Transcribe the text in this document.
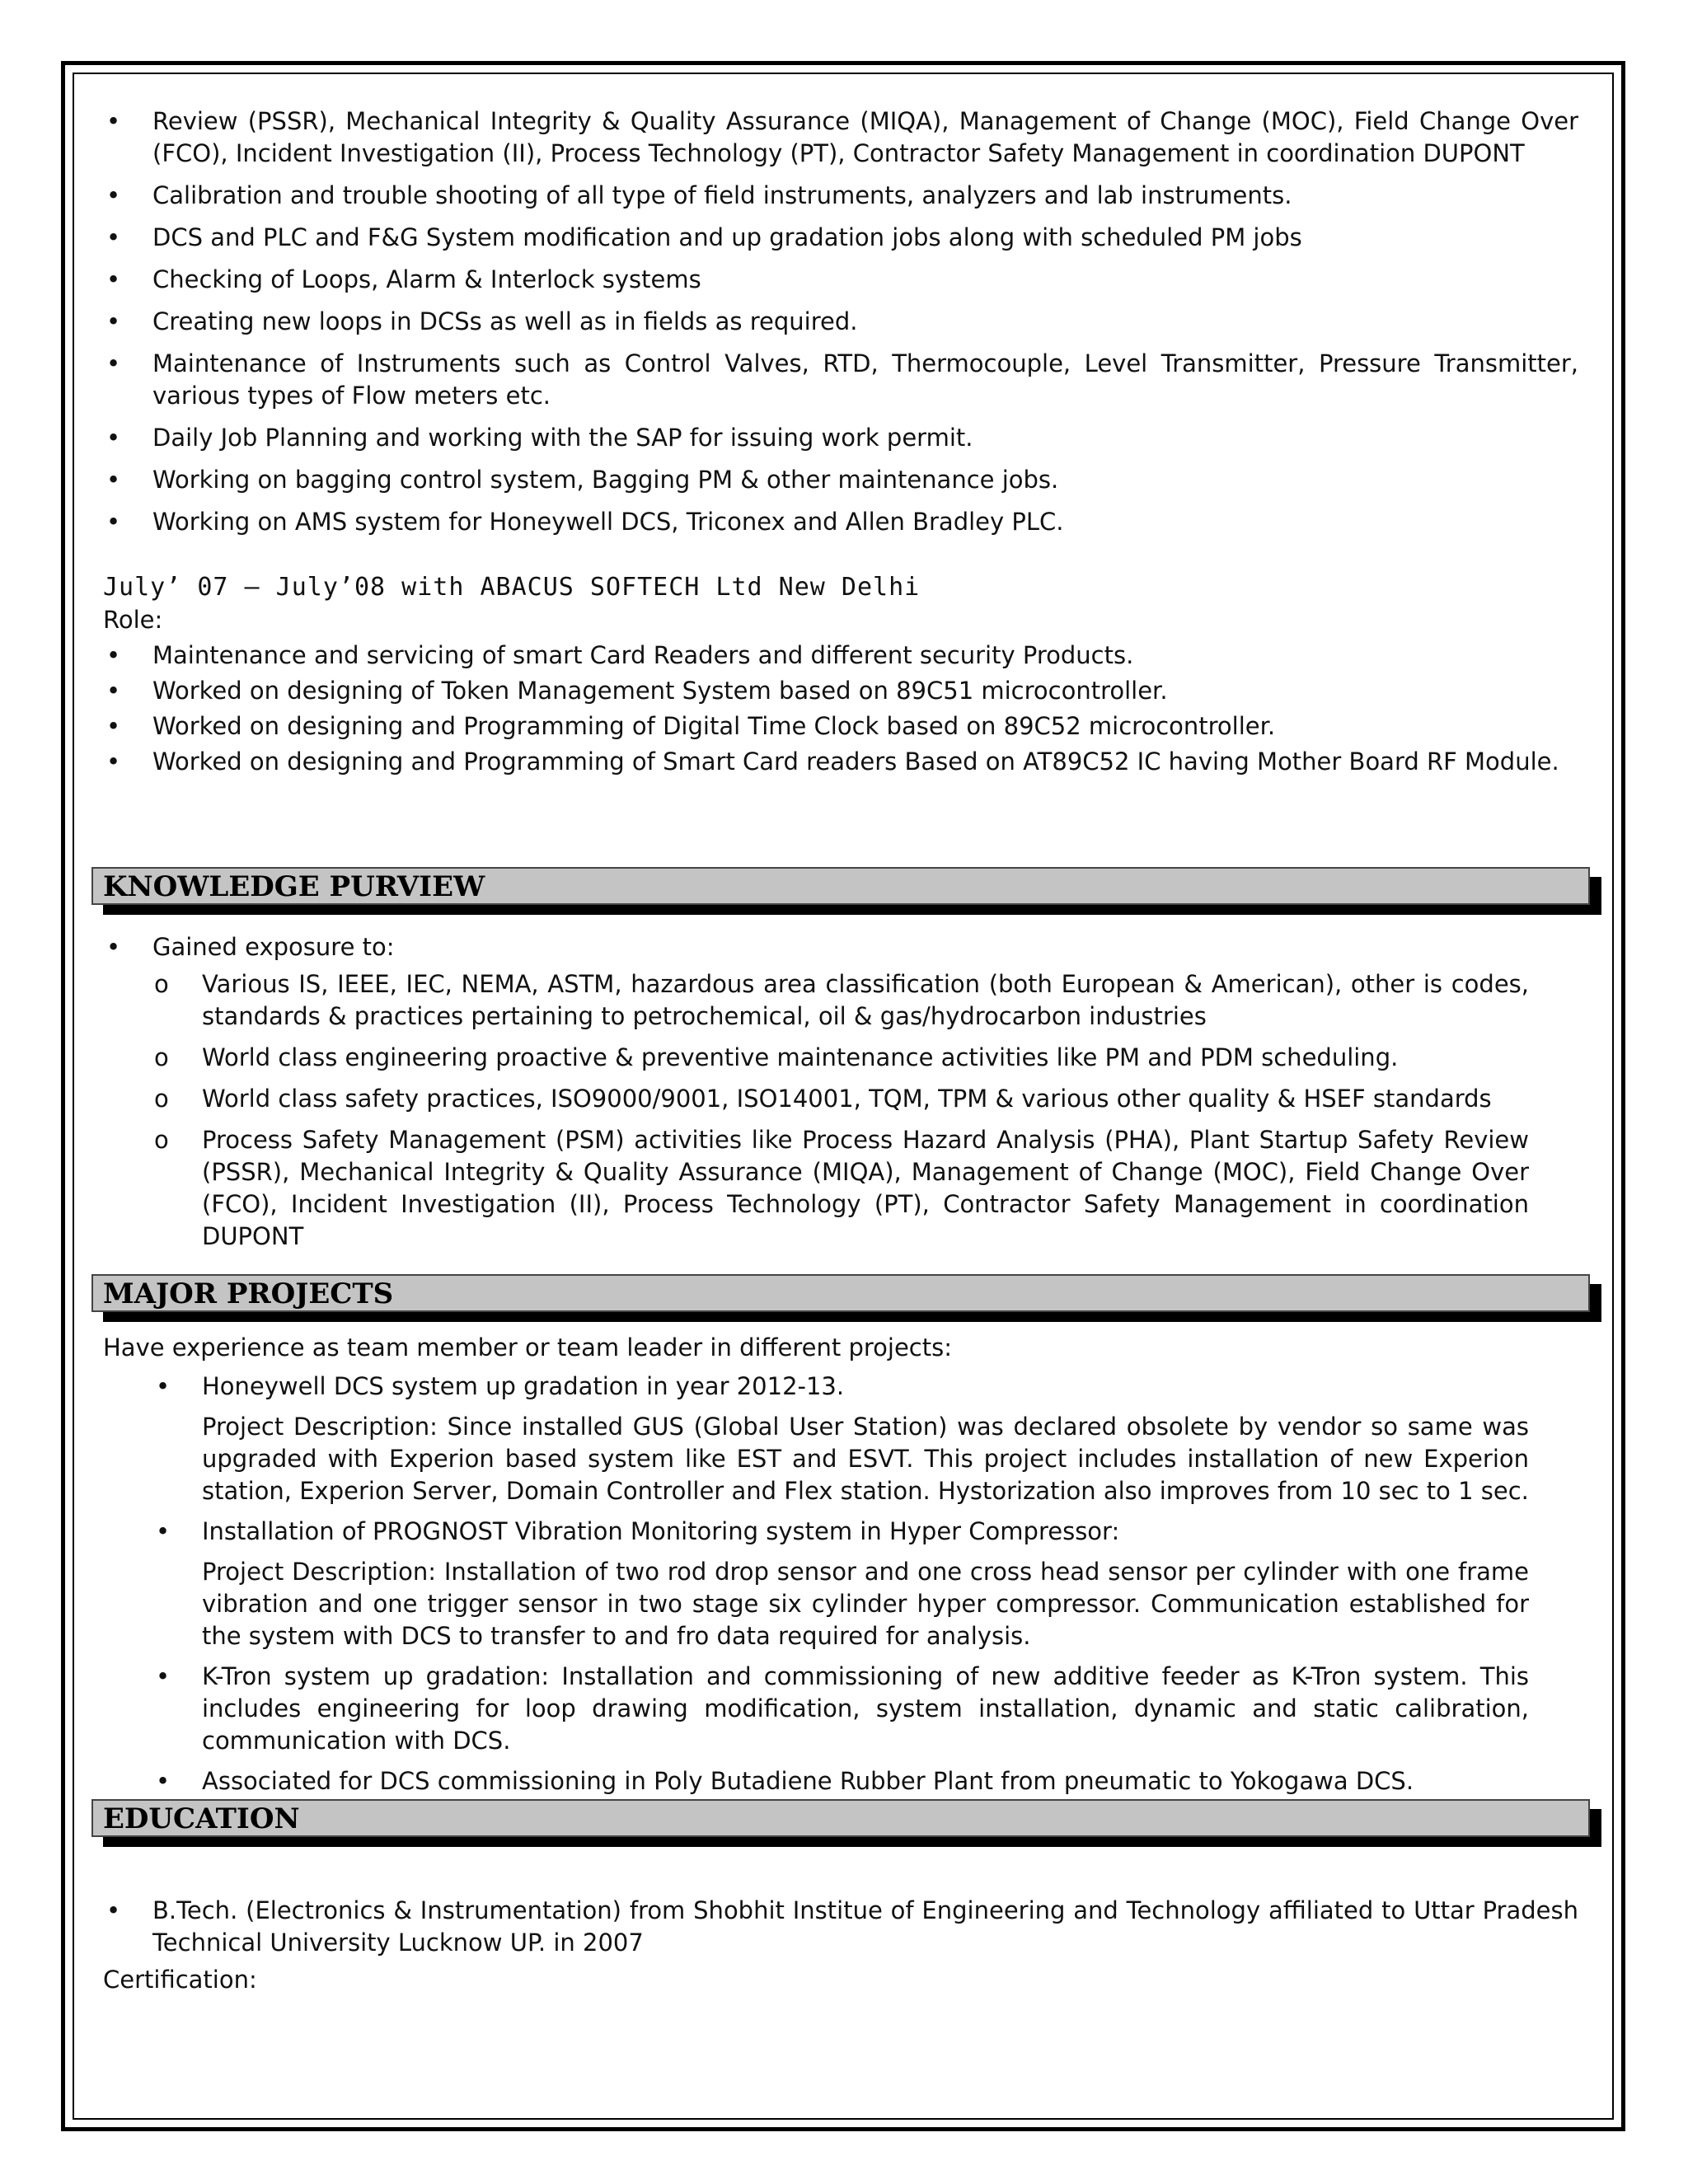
• Review (PSSR), Mechanical Integrity & Quality Assurance (MIQA), Management of Change (MOC), Field Change Over (FCO), Incident Investigation (II), Process Technology (PT), Contractor Safety Management in coordination DUPONT
• Calibration and trouble shooting of all type of field instruments, analyzers and lab instruments.
• DCS and PLC and F&G System modification and up gradation jobs along with scheduled PM jobs
• Checking of Loops, Alarm & Interlock systems
• Creating new loops in DCSs as well as in fields as required.
• Maintenance of Instruments such as Control Valves, RTD, Thermocouple, Level Transmitter, Pressure Transmitter, various types of Flow meters etc.
• Daily Job Planning and working with the SAP for issuing work permit.
• Working on bagging control system, Bagging PM & other maintenance jobs.
• Working on AMS system for Honeywell DCS, Triconex and Allen Bradley PLC.
July’ 07 – July’08 with ABACUS SOFTECH Ltd New Delhi
Role:
• Maintenance and servicing of smart Card Readers and different security Products.
• Worked on designing of Token Management System based on 89C51 microcontroller.
• Worked on designing and Programming of Digital Time Clock based on 89C52 microcontroller.
• Worked on designing and Programming of Smart Card readers Based on AT89C52 IC having Mother Board RF Module.
KNOWLEDGE PURVIEW
• Gained exposure to:
o Various IS, IEEE, IEC, NEMA, ASTM, hazardous area classification (both European & American), other is codes, standards & practices pertaining to petrochemical, oil & gas/hydrocarbon industries
o World class engineering proactive & preventive maintenance activities like PM and PDM scheduling.
o World class safety practices, ISO9000/9001, ISO14001, TQM, TPM & various other quality & HSEF standards
o Process Safety Management (PSM) activities like Process Hazard Analysis (PHA), Plant Startup Safety Review (PSSR), Mechanical Integrity & Quality Assurance (MIQA), Management of Change (MOC), Field Change Over (FCO), Incident Investigation (II), Process Technology (PT), Contractor Safety Management in coordination DUPONT
MAJOR PROJECTS
Have experience as team member or team leader in different projects:
• Honeywell DCS system up gradation in year 2012-13.
Project Description: Since installed GUS (Global User Station) was declared obsolete by vendor so same was upgraded with Experion based system like EST and ESVT. This project includes installation of new Experion station, Experion Server, Domain Controller and Flex station. Hystorization also improves from 10 sec to 1 sec.
• Installation of PROGNOST Vibration Monitoring system in Hyper Compressor:
Project Description: Installation of two rod drop sensor and one cross head sensor per cylinder with one frame vibration and one trigger sensor in two stage six cylinder hyper compressor. Communication established for the system with DCS to transfer to and fro data required for analysis.
• K-Tron system up gradation: Installation and commissioning of new additive feeder as K-Tron system. This includes engineering for loop drawing modification, system installation, dynamic and static calibration, communication with DCS.
• Associated for DCS commissioning in Poly Butadiene Rubber Plant from pneumatic to Yokogawa DCS.
EDUCATION
• B.Tech. (Electronics & Instrumentation) from Shobhit Institue of Engineering and Technology affiliated to Uttar Pradesh Technical University Lucknow UP. in 2007
Certification:
